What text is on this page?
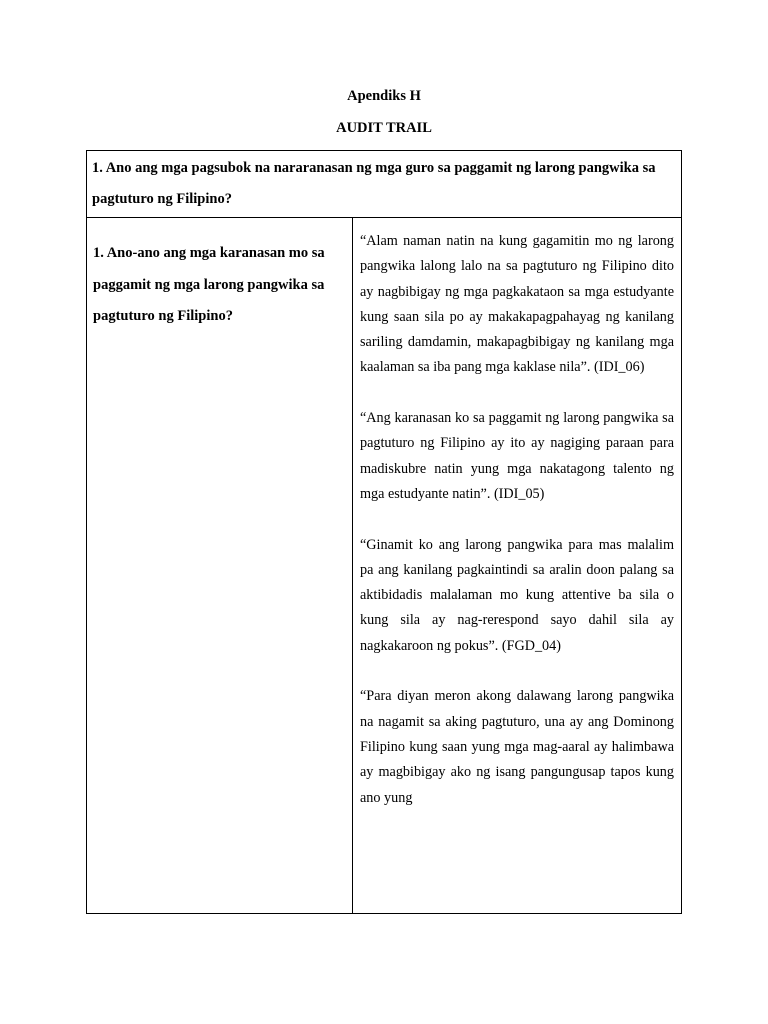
Apendiks H
AUDIT TRAIL
1. Ano ang mga pagsubok na nararanasan ng mga guro sa paggamit ng larong pangwika sa pagtuturo ng Filipino?
1. Ano-ano ang mga karanasan mo sa paggamit ng mga larong pangwika sa pagtuturo ng Filipino?

“Alam naman natin na kung gagamitin mo ng larong pangwika lalong lalo na sa pagtuturo ng Filipino dito ay nagbibigay ng mga pagkakataon sa mga estudyante kung saan sila po ay makakapagpahayag ng kanilang sariling damdamin, makapagbibigay ng kanilang mga kaalaman sa iba pang mga kaklase nila”. (IDI_06)

“Ang karanasan ko sa paggamit ng larong pangwika sa pagtuturo ng Filipino ay ito ay nagiging paraan para madiskubre natin yung mga nakatagong talento ng mga estudyante natin”. (IDI_05)

“Ginamit ko ang larong pangwika para mas malalim pa ang kanilang pagkaintindi sa aralin doon palang sa aktibidadis malalaman mo kung attentive ba sila o kung sila ay nag-rerespond sayo dahil sila ay nagkakaroon ng pokus”. (FGD_04)

“Para diyan meron akong dalawang larong pangwika na nagamit sa aking pagtuturo, una ay ang Dominong Filipino kung saan yung mga mag-aaral ay halimbawa ay magbibigay ako ng isang pangungusap tapos kung ano yung
